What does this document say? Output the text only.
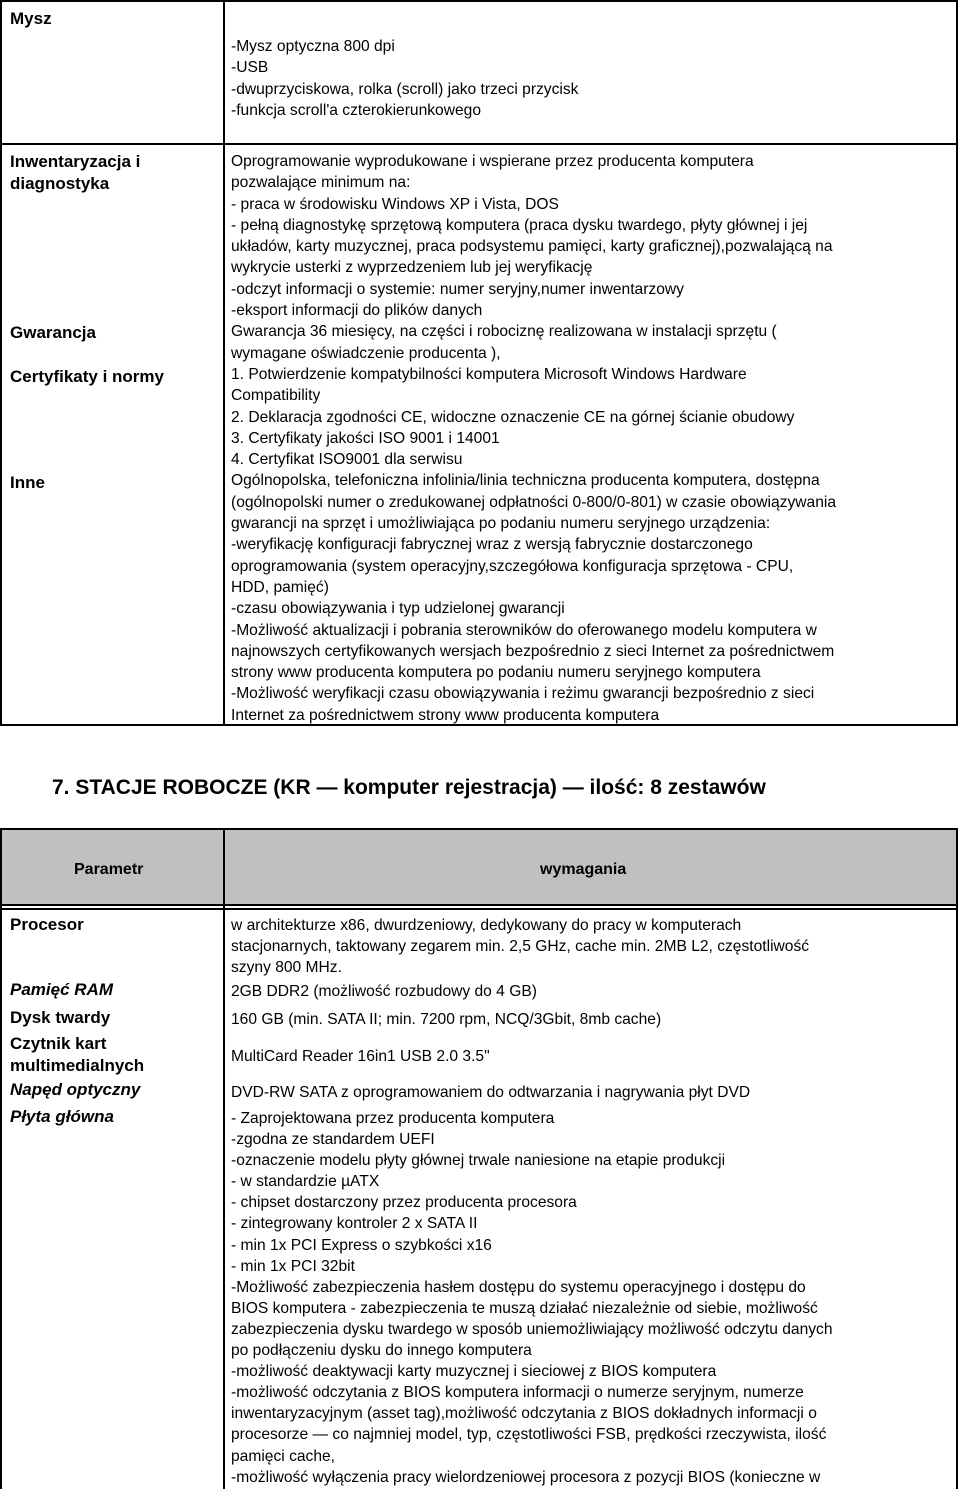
Mysz
-Mysz optyczna 800 dpi
-USB
-dwuprzyciskowa, rolka (scroll) jako trzeci przycisk
-funkcja scroll'a czterokierunkowego
Inwentaryzacja i
diagnostyka
Gwarancja
Certyfikaty i normy
Inne
Oprogramowanie wyprodukowane i wspierane przez producenta komputera
pozwalające minimum na:
- praca w środowisku Windows XP i Vista, DOS
- pełną diagnostykę sprzętową komputera (praca dysku twardego, płyty głównej i jej
układów, karty muzycznej, praca podsystemu pamięci, karty graficznej),pozwalającą na
wykrycie usterki z wyprzedzeniem lub jej weryfikację
-odczyt informacji o systemie: numer seryjny,numer inwentarzowy
-eksport informacji do plików danych
Gwarancja 36 miesięcy, na części i robociznę realizowana w instalacji sprzętu (
wymagane oświadczenie producenta ),
1. Potwierdzenie kompatybilności komputera Microsoft Windows Hardware
Compatibility
2. Deklaracja zgodności CE, widoczne oznaczenie CE na górnej ścianie obudowy
3. Certyfikaty jakości ISO 9001 i 14001
4. Certyfikat ISO9001 dla serwisu
Ogólnopolska, telefoniczna infolinia/linia techniczna producenta komputera, dostępna
(ogólnopolski numer o zredukowanej odpłatności 0-800/0-801) w czasie obowiązywania
gwarancji na sprzęt i umożliwiająca po podaniu numeru seryjnego urządzenia:
-weryfikację konfiguracji fabrycznej wraz z wersją fabrycznie dostarczonego
oprogramowania (system operacyjny,szczegółowa konfiguracja sprzętowa - CPU,
HDD, pamięć)
-czasu obowiązywania i typ udzielonej gwarancji
-Możliwość aktualizacji i pobrania sterowników do oferowanego modelu komputera w
najnowszych certyfikowanych wersjach bezpośrednio z sieci Internet za pośrednictwem
strony www producenta komputera po podaniu numeru seryjnego komputera
-Możliwość weryfikacji czasu obowiązywania i reżimu gwarancji bezpośrednio z sieci
Internet za pośrednictwem strony www producenta komputera
7. STACJE ROBOCZE (KR — komputer rejestracja) — ilość: 8 zestawów
Parametr	wymagania
Procesor
Pamięć RAM
Dysk twardy
Czytnik kart
multimedialnych
Napęd optyczny
Płyta główna
w architekturze x86, dwurdzeniowy, dedykowany do pracy w komputerach
stacjonarnych, taktowany zegarem min. 2,5 GHz, cache min. 2MB L2, częstotliwość
szyny 800 MHz.
2GB DDR2 (możliwość rozbudowy do 4 GB)
160 GB (min. SATA II; min. 7200 rpm, NCQ/3Gbit, 8mb cache)
MultiCard Reader 16in1 USB 2.0 3.5"
DVD-RW SATA z oprogramowaniem do odtwarzania i nagrywania płyt DVD
- Zaprojektowana przez producenta komputera
-zgodna ze standardem UEFI
-oznaczenie modelu płyty głównej trwale naniesione na etapie produkcji
- w standardzie µATX
- chipset dostarczony przez producenta procesora
- zintegrowany kontroler 2 x SATA II
- min 1x PCI Express o szybkości x16
- min 1x PCI 32bit
-Możliwość zabezpieczenia hasłem dostępu do systemu operacyjnego i dostępu do
BIOS komputera - zabezpieczenia te muszą działać niezależnie od siebie, możliwość
zabezpieczenia dysku twardego w sposób uniemożliwiający możliwość odczytu danych
po podłączeniu dysku do innego komputera
-możliwość deaktywacji karty muzycznej i sieciowej z BIOS komputera
-możliwość odczytania z BIOS komputera informacji o numerze seryjnym, numerze
inwentaryzacyjnym (asset tag),możliwość odczytania z BIOS dokładnych informacji o
procesorze — co najmniej model, typ, częstotliwości FSB, prędkości rzeczywista, ilość
pamięci cache,
-możliwość wyłączenia pracy wielordzeniowej procesora z pozycji BIOS (konieczne w
